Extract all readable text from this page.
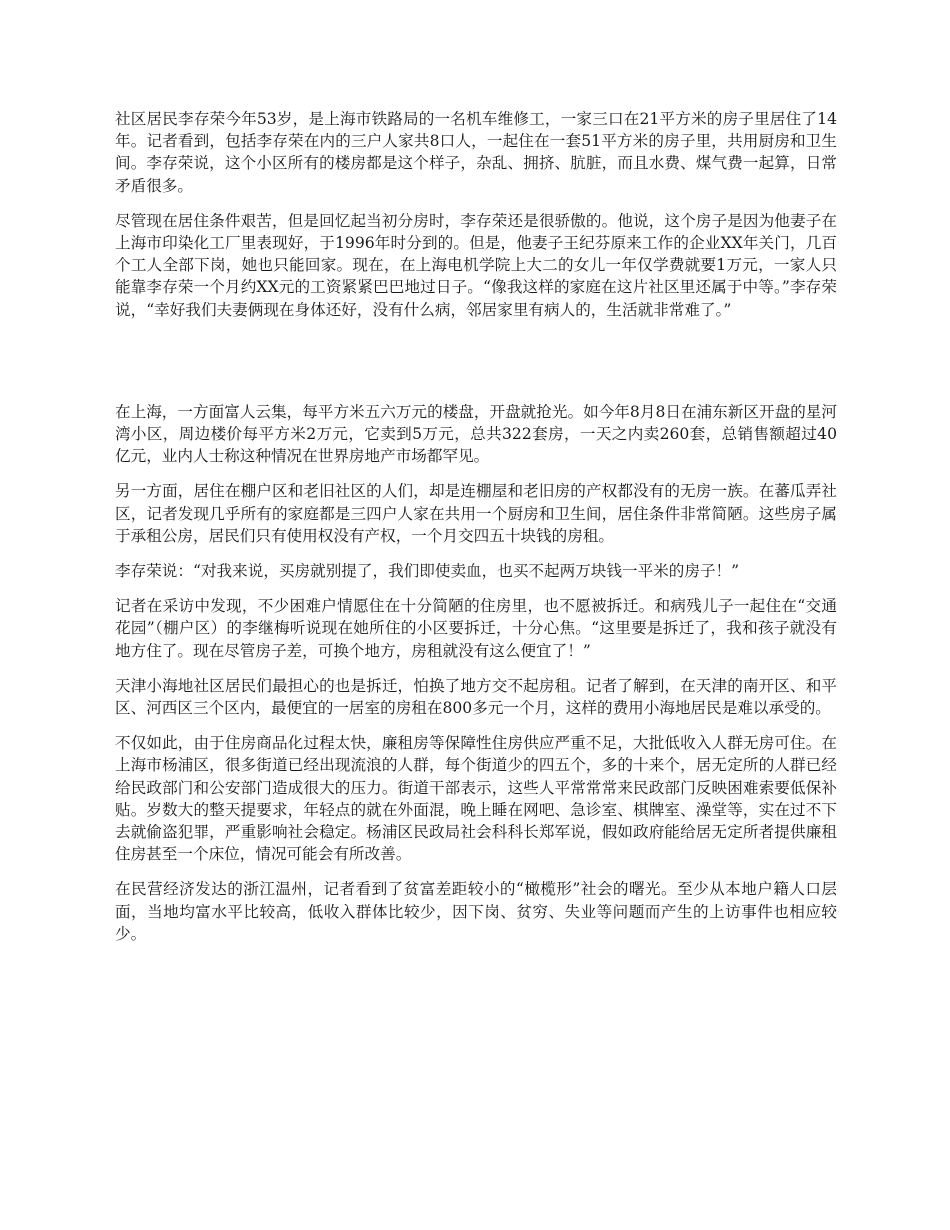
社区居民李存荣今年53岁，是上海市铁路局的一名机车维修工，一家三口在21平方米的房子里居住了14年。记者看到，包括李存荣在内的三户人家共8口人，一起住在一套51平方米的房子里，共用厨房和卫生间。李存荣说，这个小区所有的楼房都是这个样子，杂乱、拥挤、肮脏，而且水费、煤气费一起算，日常矛盾很多。

尽管现在居住条件艰苦，但是回忆起当初分房时，李存荣还是很骄傲的。他说，这个房子是因为他妻子在上海市印染化工厂里表现好，于1996年时分到的。但是，他妻子王纪芬原来工作的企业XX年关门，几百个工人全部下岗，她也只能回家。现在，在上海电机学院上大二的女儿一年仅学费就要1万元，一家人只能靠李存荣一个月约XX元的工资紧紧巴巴地过日子。“像我这样的家庭在这片社区里还属于中等。”李存荣说，“幸好我们夫妻俩现在身体还好，没有什么病，邻居家里有病人的，生活就非常难了。”

在上海，一方面富人云集，每平方米五六万元的楼盘，开盘就抢光。如今年8月8日在浦东新区开盘的星河湾小区，周边楼价每平方米2万元，它卖到5万元，总共322套房，一天之内卖260套，总销售额超过40亿元，业内人士称这种情况在世界房地产市场都罕见。

另一方面，居住在棚户区和老旧社区的人们，却是连棚屋和老旧房的产权都没有的无房一族。在蕃瓜弄社区，记者发现几乎所有的家庭都是三四户人家在共用一个厨房和卫生间，居住条件非常简陋。这些房子属于承租公房，居民们只有使用权没有产权，一个月交四五十块钱的房租。

李存荣说：“对我来说，买房就别提了，我们即使卖血，也买不起两万块钱一平米的房子！”

记者在采访中发现，不少困难户情愿住在十分简陋的住房里，也不愿被拆迁。和病残儿子一起住在“交通花园”（棚户区）的李继梅听说现在她所住的小区要拆迁，十分心焦。“这里要是拆迁了，我和孩子就没有地方住了。现在尽管房子差，可换个地方，房租就没有这么便宜了！”

天津小海地社区居民们最担心的也是拆迁，怕换了地方交不起房租。记者了解到，在天津的南开区、和平区、河西区三个区内，最便宜的一居室的房租在800多元一个月，这样的费用小海地居民是难以承受的。

不仅如此，由于住房商品化过程太快，廉租房等保障性住房供应严重不足，大批低收入人群无房可住。在上海市杨浦区，很多街道已经出现流浪的人群，每个街道少的四五个，多的十来个，居无定所的人群已经给民政部门和公安部门造成很大的压力。街道干部表示，这些人平常常常来民政部门反映困难索要低保补贴。岁数大的整天提要求，年轻点的就在外面混，晚上睡在网吧、急诊室、棋牌室、澡堂等，实在过不下去就偷盗犯罪，严重影响社会稳定。杨浦区民政局社会科科长郑军说，假如政府能给居无定所者提供廉租住房甚至一个床位，情况可能会有所改善。

在民营经济发达的浙江温州，记者看到了贫富差距较小的“橄榄形”社会的曙光。至少从本地户籍人口层面，当地均富水平比较高，低收入群体比较少，因下岗、贫穷、失业等问题而产生的上访事件也相应较少。
